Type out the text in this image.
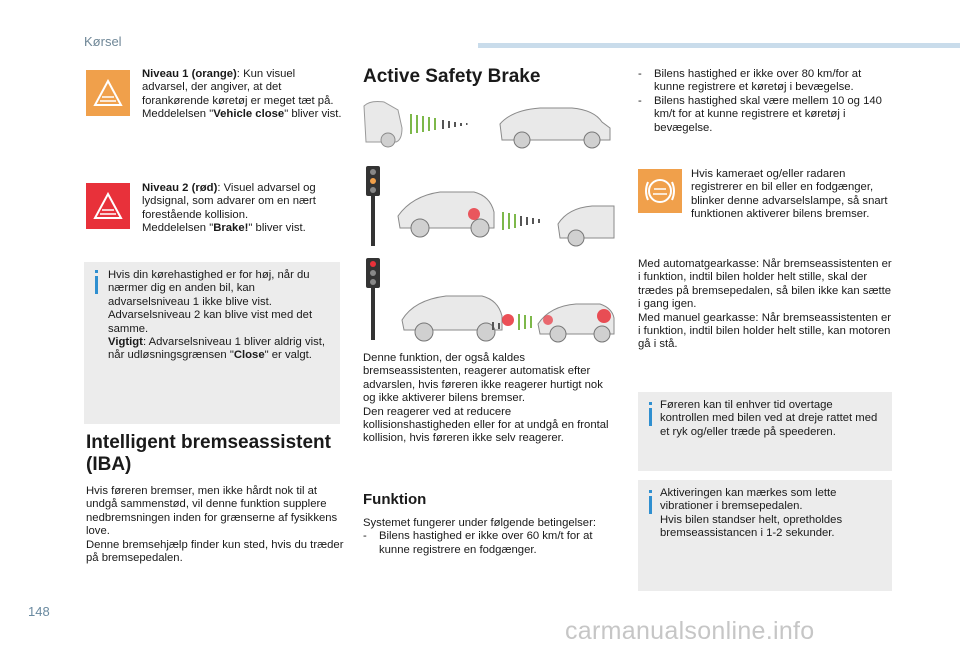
Kørsel
Niveau 1 (orange): Kun visuel advarsel, der angiver, at det forankørende køretøj er meget tæt på. Meddelelsen "Vehicle close" bliver vist.
Niveau 2 (rød): Visuel advarsel og lydsignal, som advarer om en nært forestående kollision.
Meddelelsen "Brake!" bliver vist.
Hvis din kørehastighed er for høj, når du nærmer dig en anden bil, kan advarselsniveau 1 ikke blive vist. Advarselsniveau 2 kan blive vist med det samme.
Vigtigt: Advarselsniveau 1 bliver aldrig vist, når udløsningsgrænsen "Close" er valgt.
Intelligent bremseassistent (IBA)
Hvis føreren bremser, men ikke hårdt nok til at undgå sammenstød, vil denne funktion supplere nedbremsningen inden for grænserne af fysikkens love.
Denne bremsehjælp finder kun sted, hvis du træder på bremsepedalen.
Active Safety Brake
Denne funktion, der også kaldes bremseassistenten, reagerer automatisk efter advarslen, hvis føreren ikke reagerer hurtigt nok og ikke aktiverer bilens bremser.
Den reagerer ved at reducere kollisionshastigheden eller for at undgå en frontal kollision, hvis føreren ikke selv reagerer.
Funktion
Systemet fungerer under følgende betingelser:
- Bilens hastighed er ikke over 60 km/t for at kunne registrere en fodgænger.
- Bilens hastighed er ikke over 80 km/for at kunne registrere et køretøj i bevægelse.
- Bilens hastighed skal være mellem 10 og 140 km/t for at kunne registrere et køretøj i bevægelse.
Hvis kameraet og/eller radaren registrerer en bil eller en fodgænger, blinker denne advarselslampe, så snart funktionen aktiverer bilens bremser.
Med automatgearkasse: Når bremseassistenten er i funktion, indtil bilen holder helt stille, skal der trædes på bremsepedalen, så bilen ikke kan sætte i gang igen.
Med manuel gearkasse: Når bremseassistenten er i funktion, indtil bilen holder helt stille, kan motoren gå i stå.
Føreren kan til enhver tid overtage kontrollen med bilen ved at dreje rattet med et ryk og/eller træde på speederen.
Aktiveringen kan mærkes som lette vibrationer i bremsepedalen.
Hvis bilen standser helt, opretholdes bremseassistancen i 1-2 sekunder.
148
carmanualsonline.info
